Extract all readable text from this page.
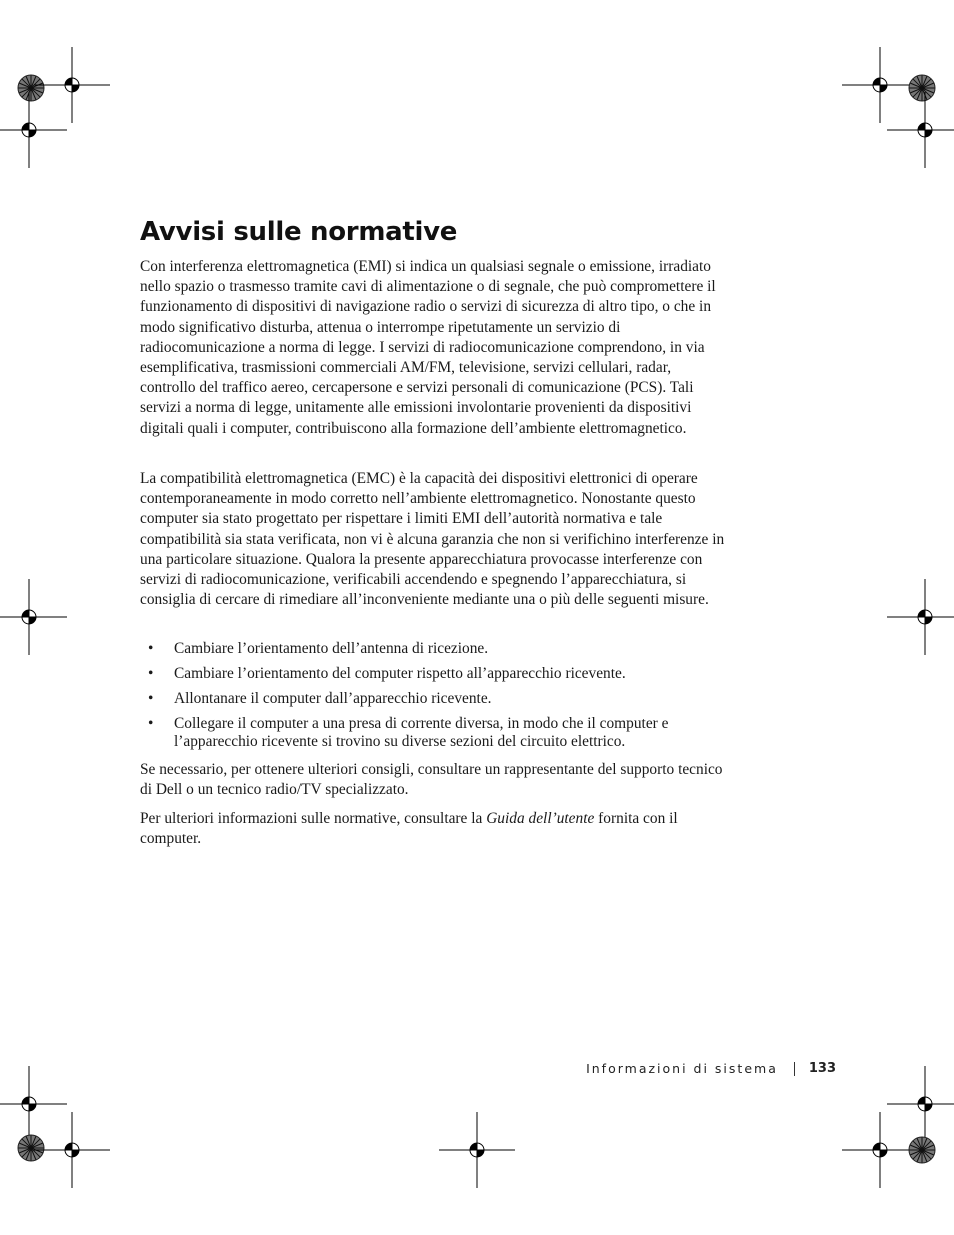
Avvisi sulle normative

Con interferenza elettromagnetica (EMI) si indica un qualsiasi segnale o emissione, irradiato nello spazio o trasmesso tramite cavi di alimentazione o di segnale, che può compromettere il funzionamento di dispositivi di navigazione radio o servizi di sicurezza di altro tipo, o che in modo significativo disturba, attenua o interrompe ripetutamente un servizio di radiocomunicazione a norma di legge. I servizi di radiocomunicazione comprendono, in via esemplificativa, trasmissioni commerciali AM/FM, televisione, servizi cellulari, radar, controllo del traffico aereo, cercapersone e servizi personali di comunicazione (PCS). Tali servizi a norma di legge, unitamente alle emissioni involontarie provenienti da dispositivi digitali quali i computer, contribuiscono alla formazione dell’ambiente elettromagnetico.

La compatibilità elettromagnetica (EMC) è la capacità dei dispositivi elettronici di operare contemporaneamente in modo corretto nell’ambiente elettromagnetico. Nonostante questo computer sia stato progettato per rispettare i limiti EMI dell’autorità normativa e tale compatibilità sia stata verificata, non vi è alcuna garanzia che non si verifichino interferenze in una particolare situazione. Qualora la presente apparecchiatura provocasse interferenze con servizi di radiocomunicazione, verificabili accendendo e spegnendo l’apparecchiatura, si consiglia di cercare di rimediare all’inconveniente mediante una o più delle seguenti misure.

• Cambiare l’orientamento dell’antenna di ricezione.
• Cambiare l’orientamento del computer rispetto all’apparecchio ricevente.
• Allontanare il computer dall’apparecchio ricevente.
• Collegare il computer a una presa di corrente diversa, in modo che il computer e l’apparecchio ricevente si trovino su diverse sezioni del circuito elettrico.

Se necessario, per ottenere ulteriori consigli, consultare un rappresentante del supporto tecnico di Dell o un tecnico radio/TV specializzato.

Per ulteriori informazioni sulle normative, consultare la Guida dell’utente fornita con il computer.

Informazioni di sistema 133
